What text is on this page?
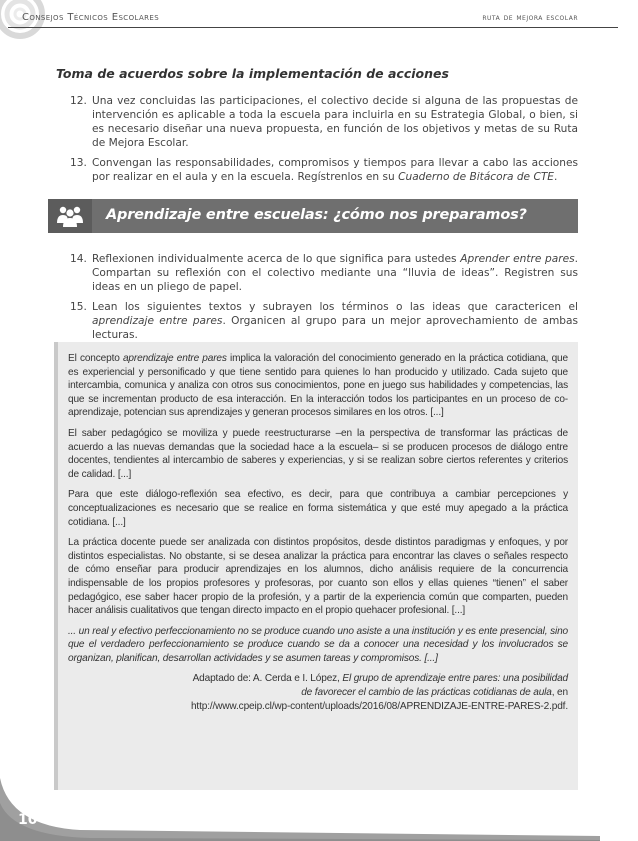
Consejos Técnicos Escolares	ruta de mejora escolar
Toma de acuerdos sobre la implementación de acciones
12. Una vez concluidas las participaciones, el colectivo decide si alguna de las propuestas de intervención es aplicable a toda la escuela para incluirla en su Estrategia Global, o bien, si es necesario diseñar una nueva propuesta, en función de los objetivos y metas de su Ruta de Mejora Escolar.
13. Convengan las responsabilidades, compromisos y tiempos para llevar a cabo las acciones por realizar en el aula y en la escuela. Regístrenlos en su Cuaderno de Bitácora de CTE.
Aprendizaje entre escuelas: ¿cómo nos preparamos?
14. Reflexionen individualmente acerca de lo que significa para ustedes Aprender entre pares. Compartan su reflexión con el colectivo mediante una “lluvia de ideas”. Registren sus ideas en un pliego de papel.
15. Lean los siguientes textos y subrayen los términos o las ideas que caractericen el aprendizaje entre pares. Organicen al grupo para un mejor aprovechamiento de ambas lecturas.

El concepto aprendizaje entre pares implica la valoración del conocimiento generado en la práctica cotidiana, que es experiencial y personificado y que tiene sentido para quienes lo han producido y utilizado. Cada sujeto que intercambia, comunica y analiza con otros sus conocimientos, pone en juego sus habilidades y competencias, las que se incrementan producto de esa interacción. En la interacción todos los participantes en un proceso de co-aprendizaje, potencian sus aprendizajes y generan procesos similares en los otros. [...]

El saber pedagógico se moviliza y puede reestructurarse –en la perspectiva de transformar las prácticas de acuerdo a las nuevas demandas que la sociedad hace a la escuela– si se producen procesos de diálogo entre docentes, tendientes al intercambio de saberes y experiencias, y si se realizan sobre ciertos referentes y criterios de calidad. [...]

Para que este diálogo-reflexión sea efectivo, es decir, para que contribuya a cambiar percepciones y conceptualizaciones es necesario que se realice en forma sistemática y que esté muy apegado a la práctica cotidiana. [...]

La práctica docente puede ser analizada con distintos propósitos, desde distintos paradigmas y enfoques, y por distintos especialistas. No obstante, si se desea analizar la práctica para encontrar las claves o señales respecto de cómo enseñar para producir aprendizajes en los alumnos, dicho análisis requiere de la concurrencia indispensable de los propios profesores y profesoras, por cuanto son ellos y ellas quienes “tienen” el saber pedagógico, ese saber hacer propio de la profesión, y a partir de la experiencia común que comparten, pueden hacer análisis cualitativos que tengan directo impacto en el propio quehacer profesional. [...]

... un real y efectivo perfeccionamiento no se produce cuando uno asiste a una institución y es ente presencial, sino que el verdadero perfeccionamiento se produce cuando se da a conocer una necesidad y los involucrados se organizan, planifican, desarrollan actividades y se asumen tareas y compromisos. [...]

Adaptado de: A. Cerda e I. López, El grupo de aprendizaje entre pares: una posibilidad
de favorecer el cambio de las prácticas cotidianas de aula, en
http://www.cpeip.cl/wp-content/uploads/2016/08/APRENDIZAJE-ENTRE-PARES-2.pdf.
10
